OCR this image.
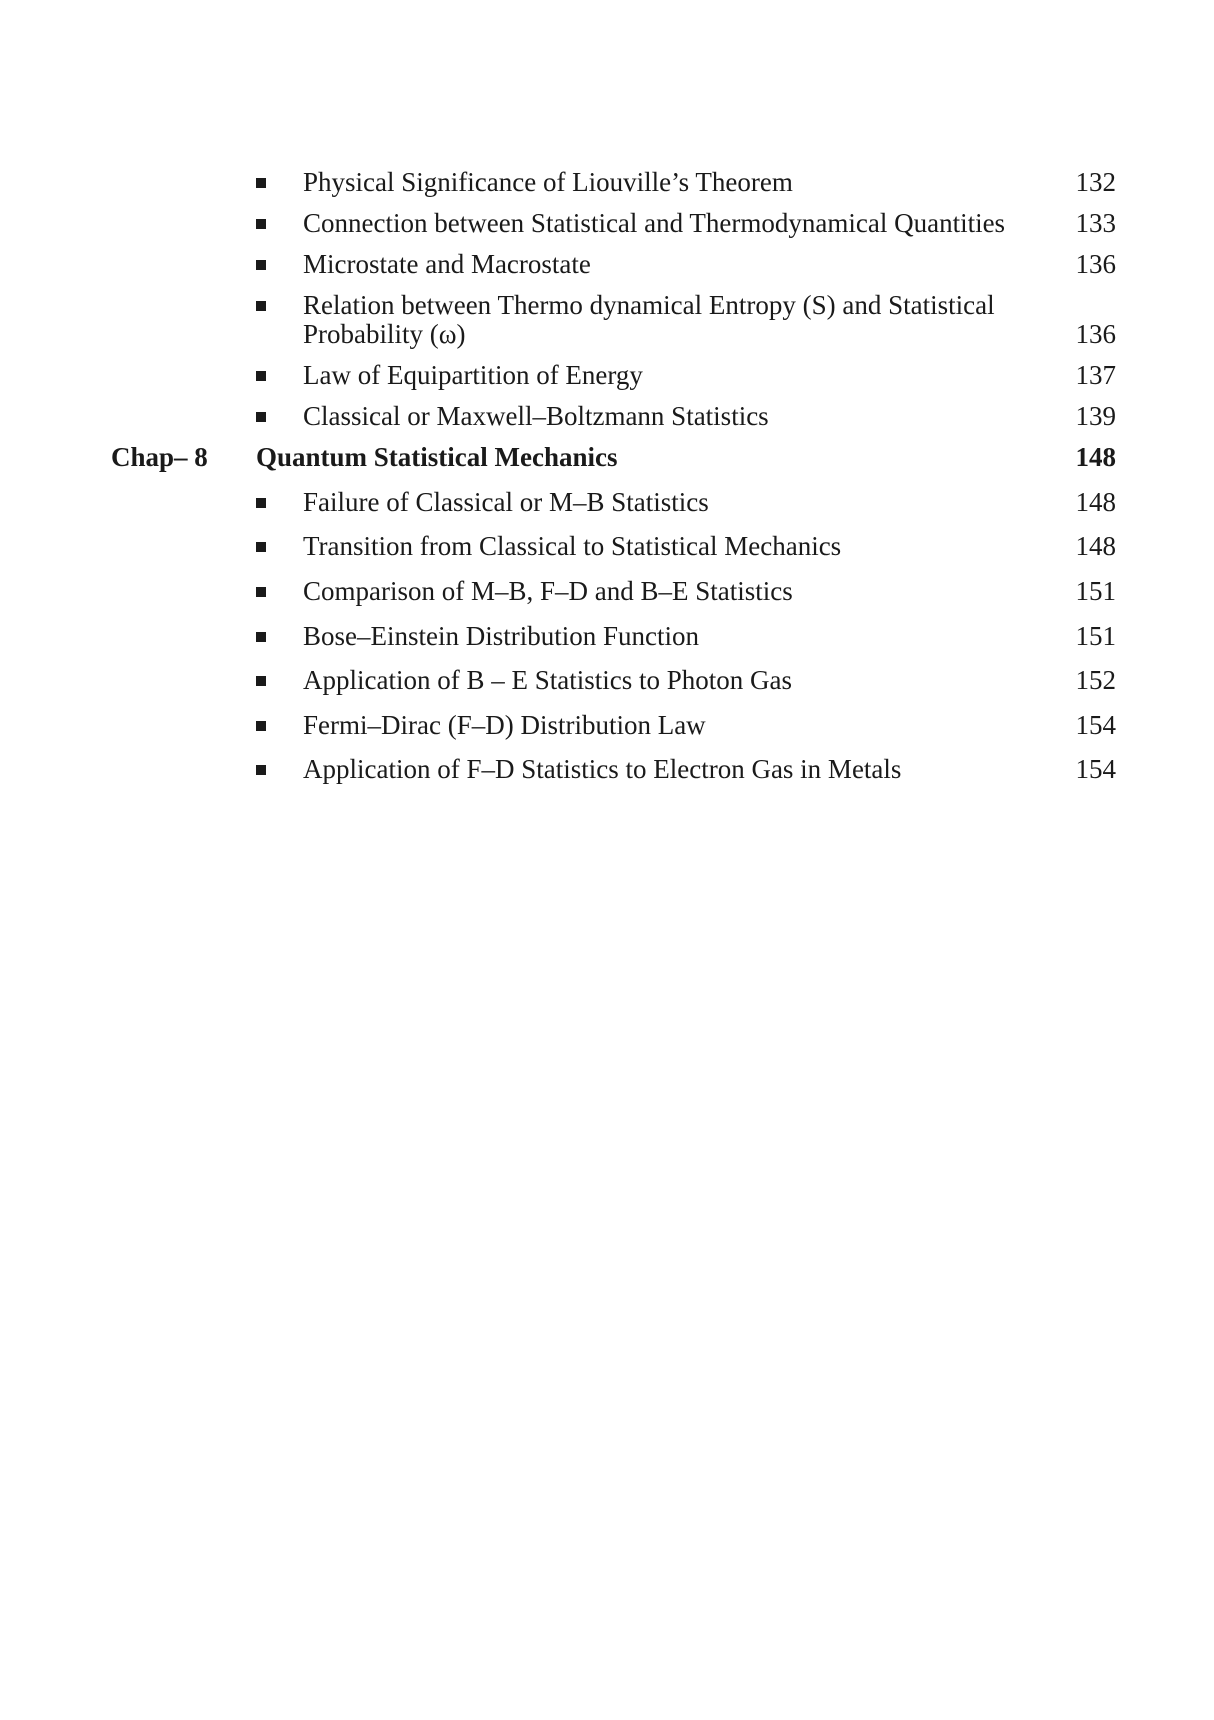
Physical Significance of Liouville’s Theorem	132
Connection between Statistical and Thermodynamical Quantities	133
Microstate and Macrostate	136
Relation between Thermo dynamical Entropy (S) and Statistical
Probability (ω)	136
Law of Equipartition of Energy	137
Classical or Maxwell–Boltzmann Statistics	139
Chap– 8 Quantum Statistical Mechanics	148
Failure of Classical or M–B Statistics	148
Transition from Classical to Statistical Mechanics	148
Comparison of M–B, F–D and B–E Statistics	151
Bose–Einstein Distribution Function	151
Application of B – E Statistics to Photon Gas	152
Fermi–Dirac (F–D) Distribution Law	154
Application of F–D Statistics to Electron Gas in Metals	154
